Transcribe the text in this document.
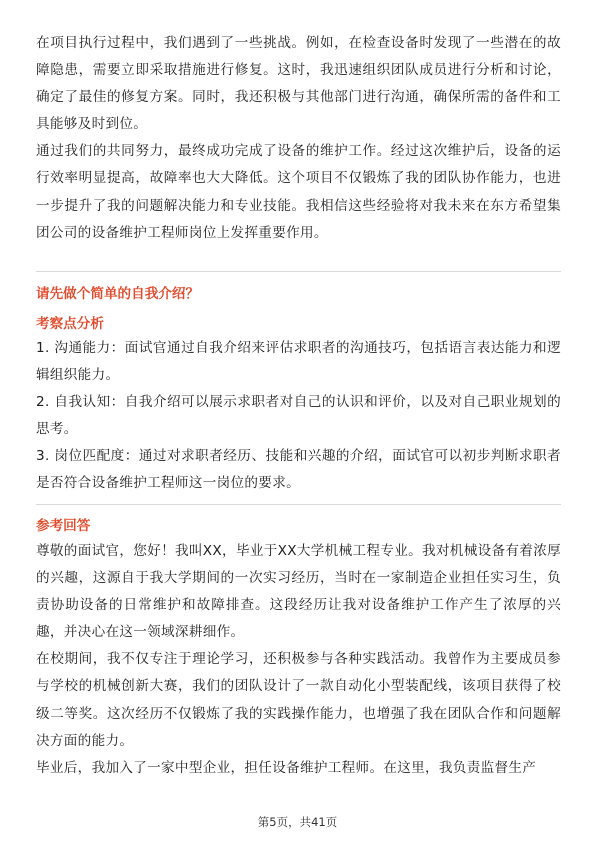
在项目执行过程中，我们遇到了一些挑战。例如，在检查设备时发现了一些潜在的故障隐患，需要立即采取措施进行修复。这时，我迅速组织团队成员进行分析和讨论，确定了最佳的修复方案。同时，我还积极与其他部门进行沟通，确保所需的备件和工具能够及时到位。

通过我们的共同努力，最终成功完成了设备的维护工作。经过这次维护后，设备的运行效率明显提高，故障率也大大降低。这个项目不仅锻炼了我的团队协作能力，也进一步提升了我的问题解决能力和专业技能。我相信这些经验将对我未来在东方希望集团公司的设备维护工程师岗位上发挥重要作用。

请先做个简单的自我介绍？
考察点分析

1. 沟通能力：面试官通过自我介绍来评估求职者的沟通技巧，包括语言表达能力和逻辑组织能力。

2. 自我认知：自我介绍可以展示求职者对自己的认识和评价，以及对自己职业规划的思考。

3. 岗位匹配度：通过对求职者经历、技能和兴趣的介绍，面试官可以初步判断求职者是否符合设备维护工程师这一岗位的要求。

参考回答

尊敬的面试官，您好！我叫XX，毕业于XX大学机械工程专业。我对机械设备有着浓厚的兴趣，这源自于我大学期间的一次实习经历，当时在一家制造企业担任实习生，负责协助设备的日常维护和故障排查。这段经历让我对设备维护工作产生了浓厚的兴趣，并决心在这一领域深耕细作。

在校期间，我不仅专注于理论学习，还积极参与各种实践活动。我曾作为主要成员参与学校的机械创新大赛，我们的团队设计了一款自动化小型装配线，该项目获得了校级二等奖。这次经历不仅锻炼了我的实践操作能力，也增强了我在团队合作和问题解决方面的能力。

毕业后，我加入了一家中型企业，担任设备维护工程师。在这里，我负责监督生产

第5页，共41页
